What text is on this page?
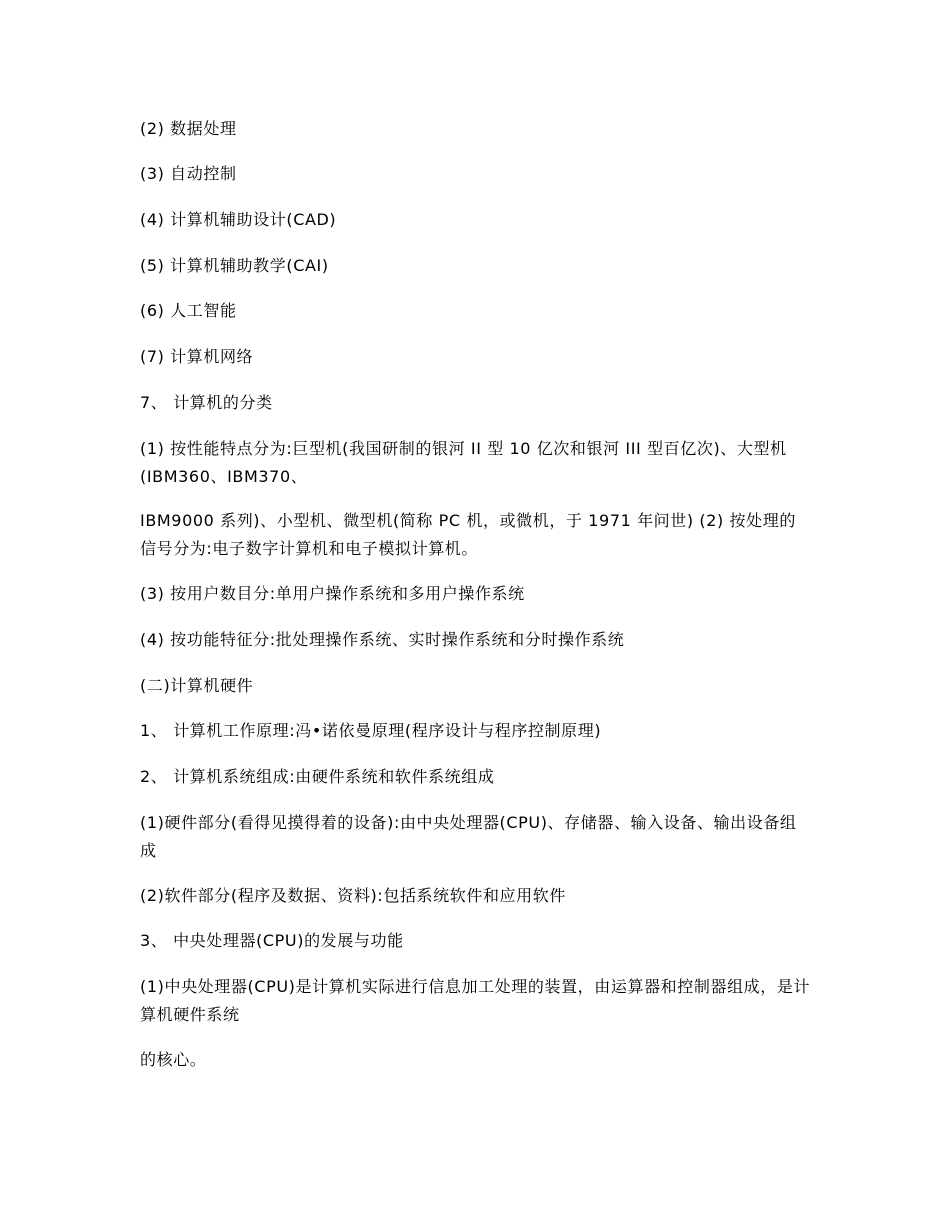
(2) 数据处理

(3) 自动控制

(4) 计算机辅助设计(CAD)

(5) 计算机辅助教学(CAI)

(6) 人工智能

(7) 计算机网络

7、 计算机的分类

(1) 按性能特点分为:巨型机(我国研制的银河 II 型 10 亿次和银河 III 型百亿次)、大型机(IBM360、IBM370、

IBM9000 系列)、小型机、微型机(简称 PC 机，或微机，于 1971 年问世) (2) 按处理的信号分为:电子数字计算机和电子模拟计算机。

(3) 按用户数目分:单用户操作系统和多用户操作系统

(4) 按功能特征分:批处理操作系统、实时操作系统和分时操作系统

(二)计算机硬件

1、 计算机工作原理:冯•诺依曼原理(程序设计与程序控制原理)

2、 计算机系统组成:由硬件系统和软件系统组成

(1)硬件部分(看得见摸得着的设备):由中央处理器(CPU)、存储器、输入设备、输出设备组成

(2)软件部分(程序及数据、资料):包括系统软件和应用软件

3、 中央处理器(CPU)的发展与功能

(1)中央处理器(CPU)是计算机实际进行信息加工处理的装置，由运算器和控制器组成，是计算机硬件系统

的核心。
